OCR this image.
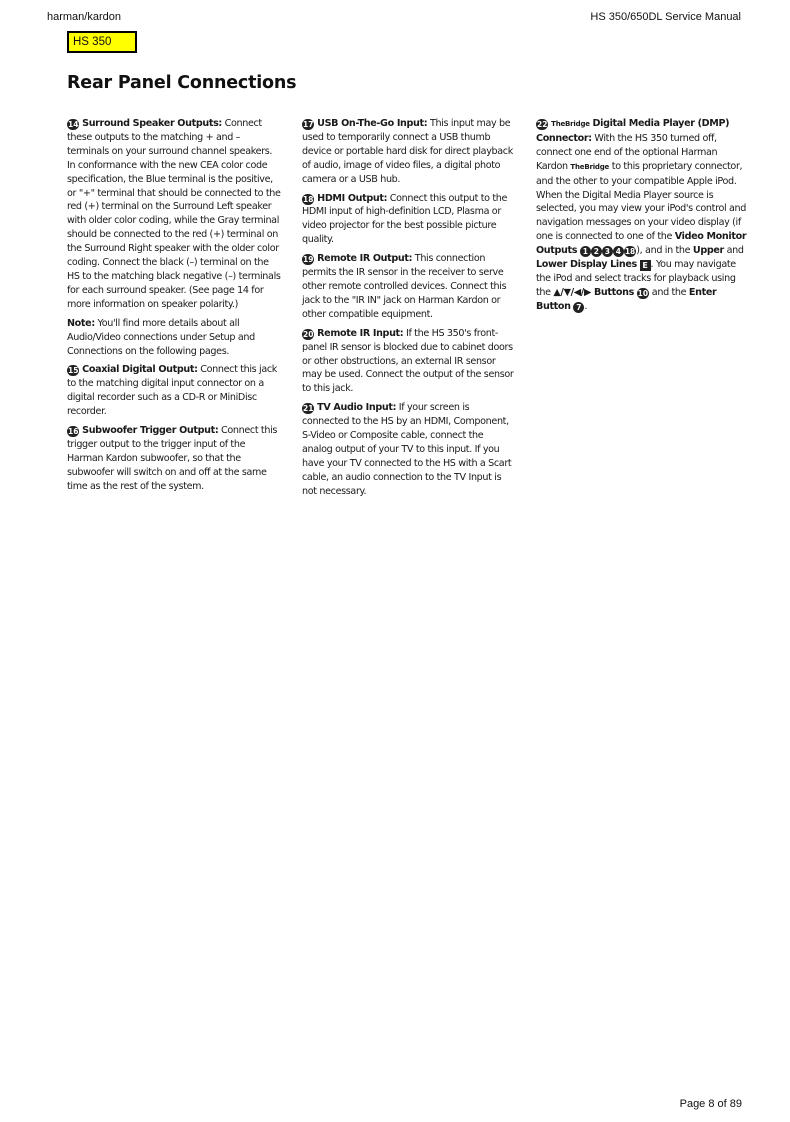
harman/kardon	HS 350/650DL Service Manual
HS 350
Rear Panel Connections

14 Surround Speaker Outputs: Connect these outputs to the matching + and – terminals on your surround channel speakers. In conformance with the new CEA color code specification, the Blue terminal is the positive, or "+" terminal that should be connected to the red (+) terminal on the Surround Left speaker with older color coding, while the Gray terminal should be connected to the red (+) terminal on the Surround Right speaker with the older color coding. Connect the black (–) terminal on the HS to the matching black negative (–) terminals for each surround speaker. (See page 14 for more information on speaker polarity.)

Note: You'll find more details about all Audio/Video connections under Setup and Connections on the following pages.

15 Coaxial Digital Output: Connect this jack to the matching digital input connector on a digital recorder such as a CD-R or MiniDisc recorder.

16 Subwoofer Trigger Output: Connect this trigger output to the trigger input of the Harman Kardon subwoofer, so that the subwoofer will switch on and off at the same time as the rest of the system.

17 USB On-The-Go Input: This input may be used to temporarily connect a USB thumb device or portable hard disk for direct playback of audio, image of video files, a digital photo camera or a USB hub.

18 HDMI Output: Connect this output to the HDMI input of high-definition LCD, Plasma or video projector for the best possible picture quality.

19 Remote IR Output: This connection permits the IR sensor in the receiver to serve other remote controlled devices. Connect this jack to the "IR IN" jack on Harman Kardon or other compatible equipment.

20 Remote IR Input: If the HS 350's front-panel IR sensor is blocked due to cabinet doors or other obstructions, an external IR sensor may be used. Connect the output of the sensor to this jack.

21 TV Audio Input: If your screen is connected to the HS by an HDMI, Component, S-Video or Composite cable, connect the analog output of your TV to this input. If you have your TV connected to the HS with a Scart cable, an audio connection to the TV Input is not necessary.

22 TheBridge Digital Media Player (DMP) Connector: With the HS 350 turned off, connect one end of the optional Harman Kardon TheBridge to this proprietary connector, and the other to your compatible Apple iPod. When the Digital Media Player source is selected, you may view your iPod's control and navigation messages on your video display (if one is connected to one of the Video Monitor Outputs 1 2 3 4 18), and in the Upper and Lower Display Lines E . You may navigate the iPod and select tracks for playback using the ▲/▼/◀/▶ Buttons 10 and the Enter Button 7 .

Page 8 of 89
